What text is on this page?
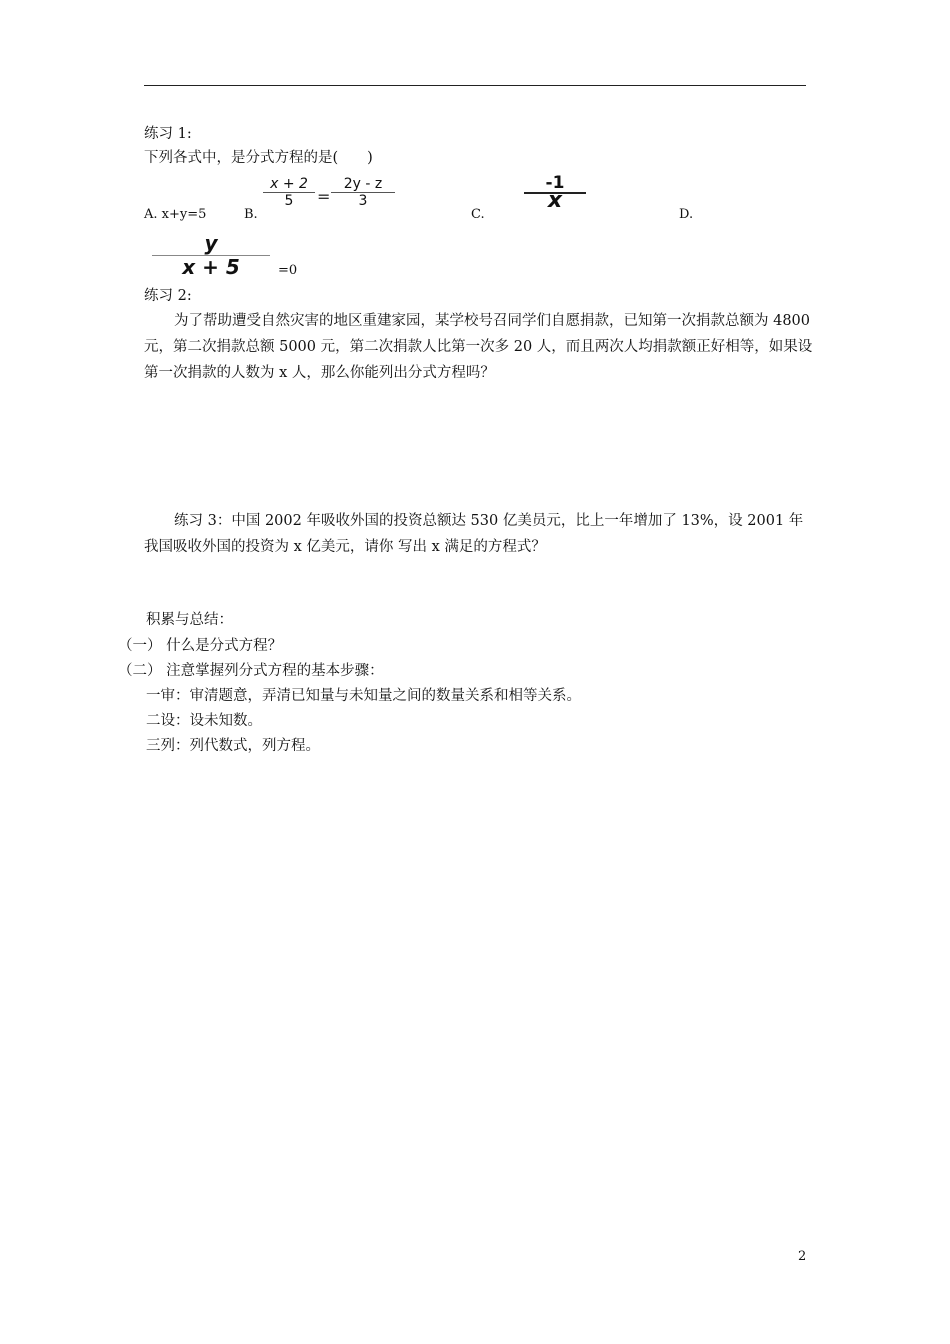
练习 1:
下列各式中，是分式方程的是(　　)
A. x+y=5	B.
x + 2
5	=
2y - z
3
C.
-1
x
D.
y
x + 5	=0
练习 2:
为了帮助遭受自然灾害的地区重建家园，某学校号召同学们自愿捐款，已知第一次捐款总额为 4800 元，第二次捐款总额 5000 元，第二次捐款人比第一次多 20 人，而且两次人均捐款额正好相等，如果设第一次捐款的人数为 x 人，那么你能列出分式方程吗？
练习 3：中国 2002 年吸收外国的投资总额达 530 亿美员元，比上一年增加了 13%，设 2001 年我国吸收外国的投资为 x 亿美元，请你 写出 x 满足的方程式？
积累与总结：
（一） 什么是分式方程？
（二） 注意掌握列分式方程的基本步骤：
一审：审清题意，弄清已知量与未知量之间的数量关系和相等关系。
二设：设未知数。
三列：列代数式，列方程。
2
